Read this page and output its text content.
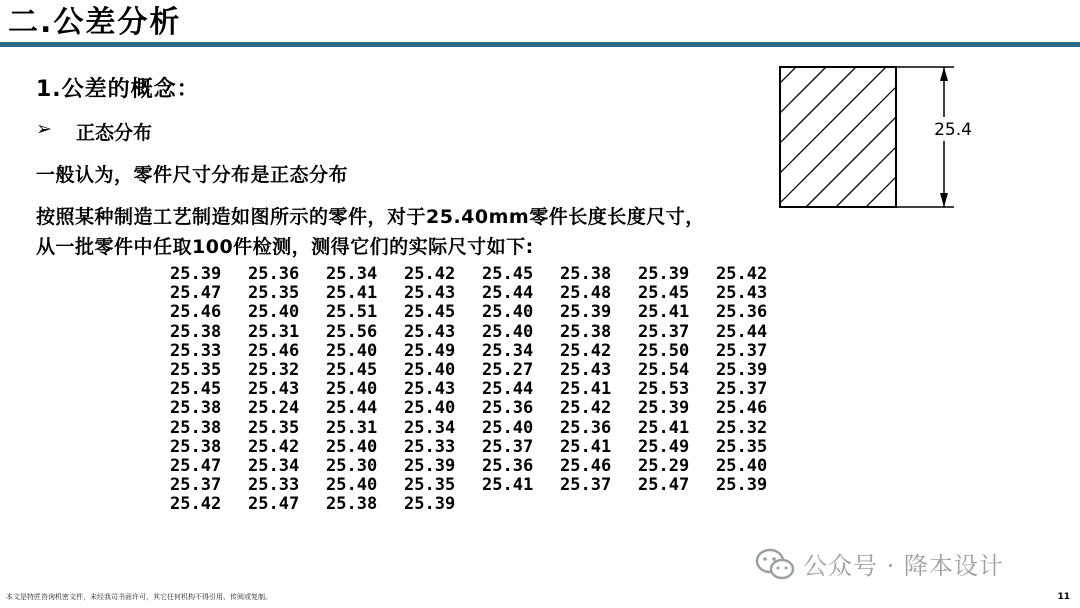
二.公差分析
1.公差的概念：
➢	正态分布
一般认为，零件尺寸分布是正态分布
按照某种制造工艺制造如图所示的零件，对于25.40mm零件长度长度尺寸，
从一批零件中任取100件检测，测得它们的实际尺寸如下:
25.39	25.36	25.34	25.42	25.45	25.38	25.39	25.42
25.47	25.35	25.41	25.43	25.44	25.48	25.45	25.43
25.46	25.40	25.51	25.45	25.40	25.39	25.41	25.36
25.38	25.31	25.56	25.43	25.40	25.38	25.37	25.44
25.33	25.46	25.40	25.49	25.34	25.42	25.50	25.37
25.35	25.32	25.45	25.40	25.27	25.43	25.54	25.39
25.45	25.43	25.40	25.43	25.44	25.41	25.53	25.37
25.38	25.24	25.44	25.40	25.36	25.42	25.39	25.46
25.38	25.35	25.31	25.34	25.40	25.36	25.41	25.32
25.38	25.42	25.40	25.33	25.37	25.41	25.49	25.35
25.47	25.34	25.30	25.39	25.36	25.46	25.29	25.40
25.37	25.33	25.40	25.35	25.41	25.37	25.47	25.39
25.42	25.47	25.38	25.39
25.4
公众号 · 降本设计
本文是特匠咨询机密文件，未经我司书面许可，其它任何机构不得引用、传阅或复制。	11
